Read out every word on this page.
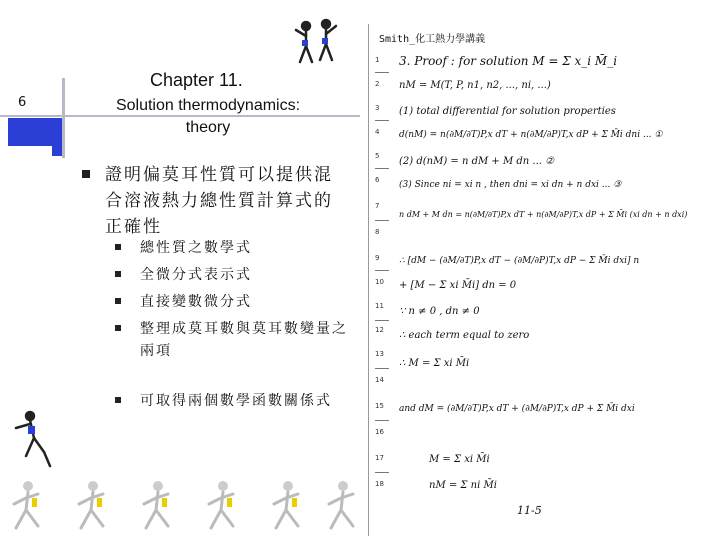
6
Chapter 11.
Solution thermodynamics: theory
證明偏莫耳性質可以提供混合溶液熱力總性質計算式的正確性
總性質之數學式
全微分式表示式
直接變數微分式
整理成莫耳數與莫耳數變量之兩項
可取得兩個數學函數關係式
Smith_化工熱力學講義
1
2
3
4
5
6
7
8
9
10
11
12
13
14
15
16
17
18
3. Proof : for solution M = Σ x_i M̄_i
nM = M(T, P, n1, n2, ..., ni, ...)
(1) total differential for solution properties
d(nM) = n(∂M/∂T)P,x dT + n(∂M/∂P)T,x dP + Σ M̄i dni ... ①
(2) d(nM) = n dM + M dn ... ②
(3) Since ni = xi n , then dni = xi dn + n dxi ... ③
n dM + M dn = n(∂M/∂T)P,x dT + n(∂M/∂P)T,x dP + Σ M̄i (xi dn + n dxi)
∴ [dM − (∂M/∂T)P,x dT − (∂M/∂P)T,x dP − Σ M̄i dxi] n
+ [M − Σ xi M̄i] dn = 0
∵ n ≠ 0 , dn ≠ 0
∴ each term equal to zero
∴ M = Σ xi M̄i
and dM = (∂M/∂T)P,x dT + (∂M/∂P)T,x dP + Σ M̄i dxi
M = Σ xi M̄i
nM = Σ ni M̄i
11-5
